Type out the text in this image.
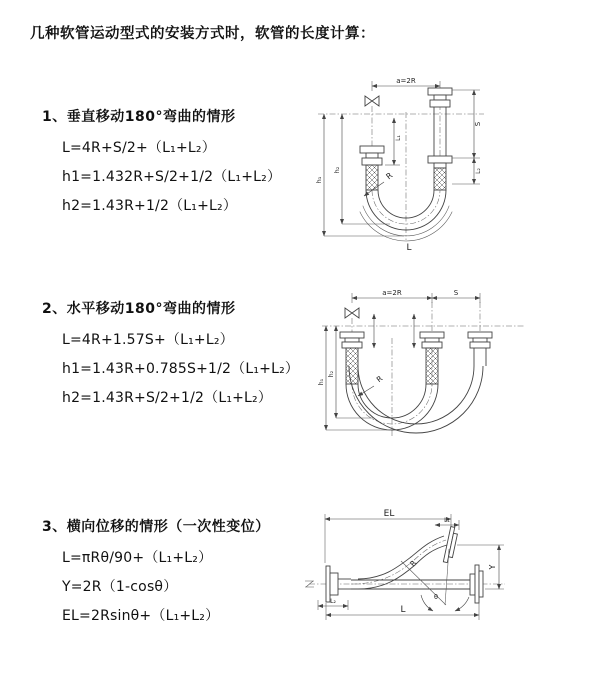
几种软管运动型式的安装方式时，软管的长度计算：
1、垂直移动180°弯曲的情形
L=4R+S/2+（L₁+L₂）
h1=1.432R+S/2+1/2（L₁+L₂）
h2=1.43R+1/2（L₁+L₂）
a=2R
L₁
S
L₂
h₁
h₂
R
L
2、水平移动180°弯曲的情形
L=4R+1.57S+（L₁+L₂）
h1=1.43R+0.785S+1/2（L₁+L₂）
h2=1.43R+S/2+1/2（L₁+L₂）
a=2R	S
h₁
h₂	R
3、横向位移的情形（一次性变位）
L=πRθ/90+（L₁+L₂）
Y=2R（1-cosθ）
EL=2Rsinθ+（L₁+L₂）
EL
L₁
R
θ
Y
L₂
L
